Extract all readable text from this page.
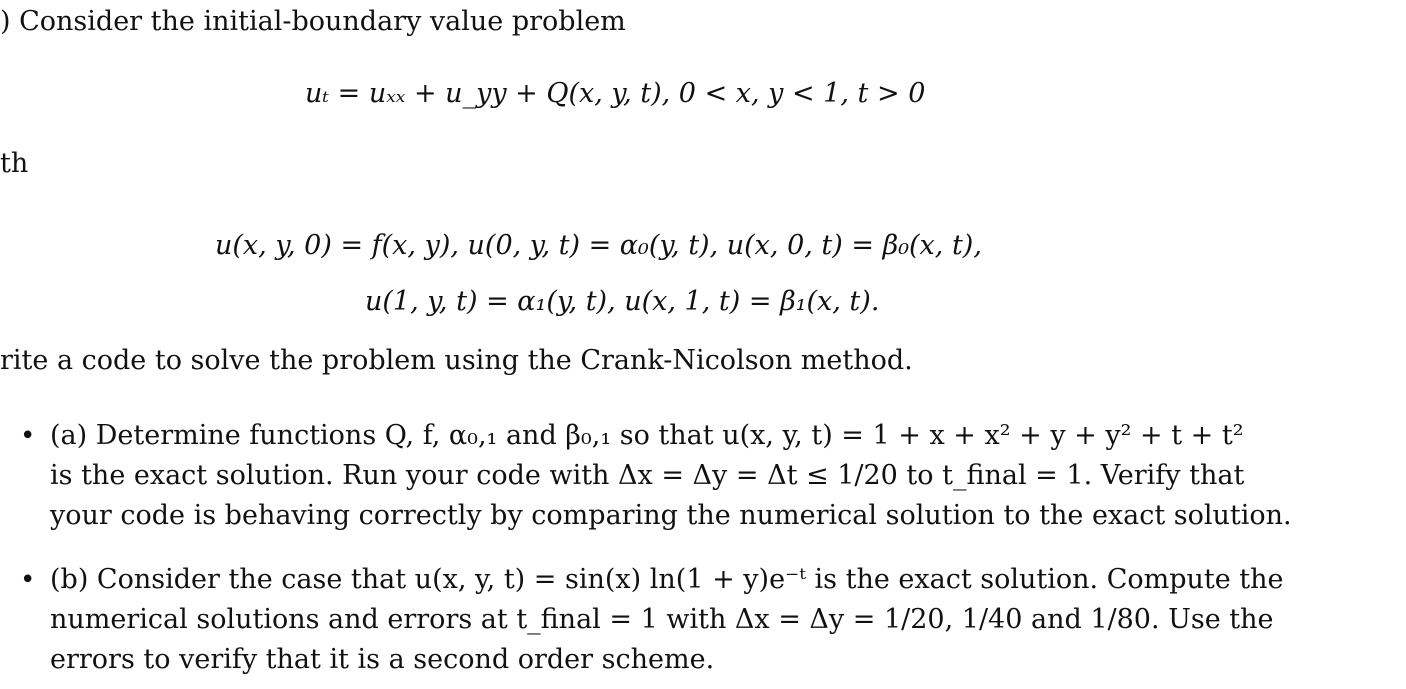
) Consider the initial-boundary value problem
uₜ = uₓₓ + u_yy + Q(x, y, t), 0 < x, y < 1, t > 0
th
u(x, y, 0) = f(x, y), u(0, y, t) = α₀(y, t), u(x, 0, t) = β₀(x, t),
u(1, y, t) = α₁(y, t), u(x, 1, t) = β₁(x, t).
rite a code to solve the problem using the Crank-Nicolson method.
• (a) Determine functions Q, f, α₀,₁ and β₀,₁ so that u(x, y, t) = 1 + x + x² + y + y² + t + t²
is the exact solution. Run your code with Δx = Δy = Δt ≤ 1/20 to t_final = 1. Verify that
your code is behaving correctly by comparing the numerical solution to the exact solution.
• (b) Consider the case that u(x, y, t) = sin(x) ln(1 + y)e⁻ᵗ is the exact solution. Compute the
numerical solutions and errors at t_final = 1 with Δx = Δy = 1/20, 1/40 and 1/80. Use the
errors to verify that it is a second order scheme.
